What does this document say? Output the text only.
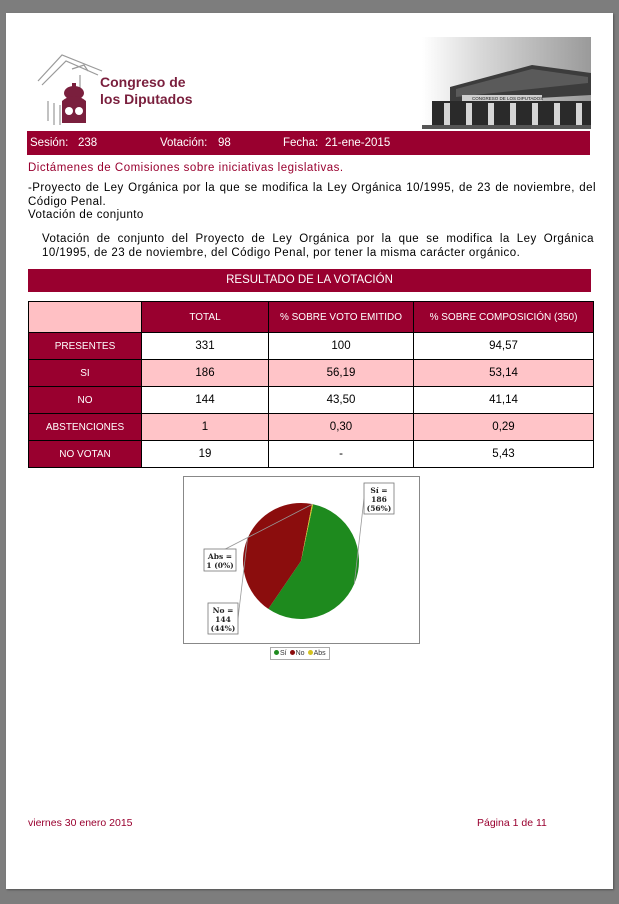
Congreso de
los Diputados	CONGRESO DE LOS DIPUTADOS
Sesión: 238	Votación: 98	Fecha: 21-ene-2015
Dictámenes de Comisiones sobre iniciativas legislativas.
-Proyecto de Ley Orgánica por la que se modifica la Ley Orgánica 10/1995, de 23 de noviembre, del Código Penal.
Votación de conjunto
Votación de conjunto del Proyecto de Ley Orgánica por la que se modifica la Ley Orgánica 10/1995, de 23 de noviembre, del Código Penal, por tener la misma carácter orgánico.
RESULTADO DE LA VOTACIÓN
	TOTAL	% SOBRE VOTO EMITIDO	% SOBRE COMPOSICIÓN (350)
PRESENTES	331	100	94,57
SI	186	56,19	53,14
NO	144	43,50	41,14
ABSTENCIONES	1	0,30	0,29
NO VOTAN	19	-	5,43
Sí =
186
(56%)
No =
144
(44%)
Abs =
1 (0%)
Sí	No	Abs
viernes 30 enero 2015	Página 1 de 11
